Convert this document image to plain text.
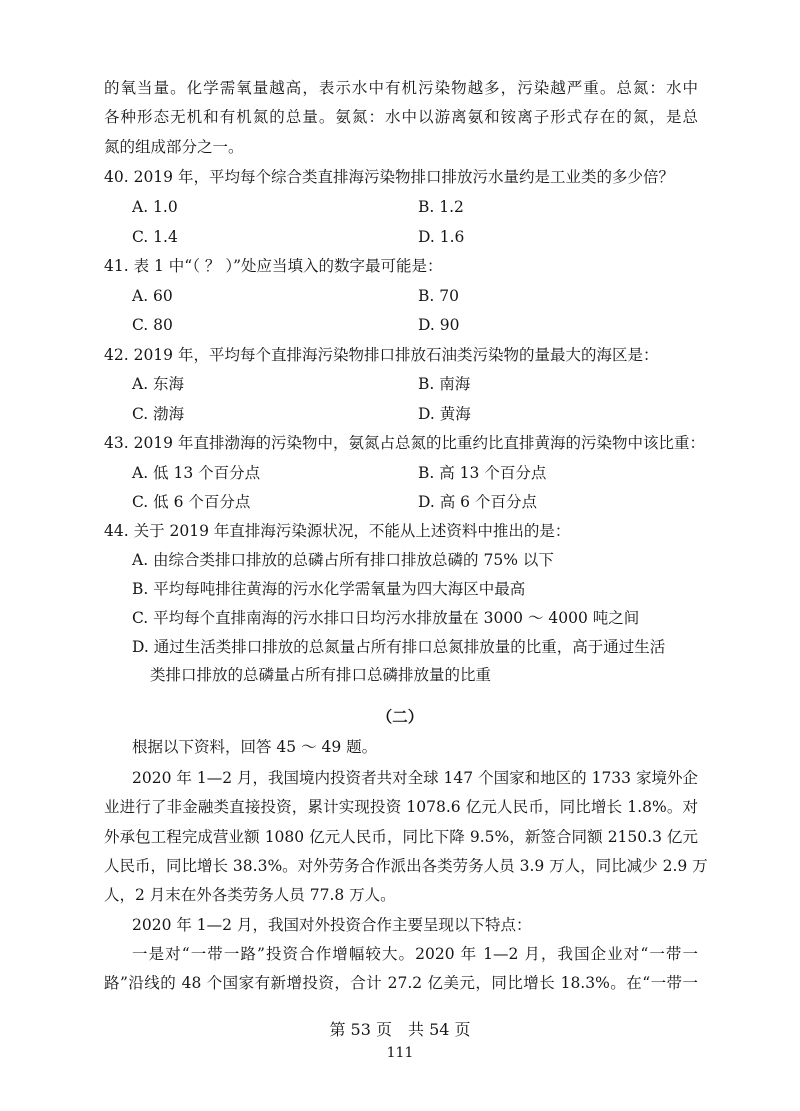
的氧当量。化学需氧量越高，表示水中有机污染物越多，污染越严重。总氮：水中
各种形态无机和有机氮的总量。氨氮：水中以游离氨和铵离子形式存在的氮，是总
氮的组成部分之一。
40. 2019 年，平均每个综合类直排海污染物排口排放污水量约是工业类的多少倍？
A. 1.0	B. 1.2
C. 1.4	D. 1.6
41. 表 1 中“（ ？ ）”处应当填入的数字最可能是：
A. 60	B. 70
C. 80	D. 90
42. 2019 年，平均每个直排海污染物排口排放石油类污染物的量最大的海区是：
A. 东海	B. 南海
C. 渤海	D. 黄海
43. 2019 年直排渤海的污染物中，氨氮占总氮的比重约比直排黄海的污染物中该比重：
A. 低 13 个百分点	B. 高 13 个百分点
C. 低 6 个百分点	D. 高 6 个百分点
44. 关于 2019 年直排海污染源状况，不能从上述资料中推出的是：
A. 由综合类排口排放的总磷占所有排口排放总磷的 75% 以下
B. 平均每吨排往黄海的污水化学需氧量为四大海区中最高
C. 平均每个直排南海的污水排口日均污水排放量在 3000 ～ 4000 吨之间
D. 通过生活类排口排放的总氮量占所有排口总氮排放量的比重，高于通过生活
类排口排放的总磷量占所有排口总磷排放量的比重
（二）
根据以下资料，回答 45 ～ 49 题。
2020 年 1—2 月，我国境内投资者共对全球 147 个国家和地区的 1733 家境外企
业进行了非金融类直接投资，累计实现投资 1078.6 亿元人民币，同比增长 1.8%。对
外承包工程完成营业额 1080 亿元人民币，同比下降 9.5%，新签合同额 2150.3 亿元
人民币，同比增长 38.3%。对外劳务合作派出各类劳务人员 3.9 万人，同比减少 2.9 万
人，2 月末在外各类劳务人员 77.8 万人。
2020 年 1—2 月，我国对外投资合作主要呈现以下特点：
一是对“一带一路”投资合作增幅较大。2020 年 1—2 月，我国企业对“一带一
路”沿线的 48 个国家有新增投资，合计 27.2 亿美元，同比增长 18.3%。在“一带一
第 53 页　共 54 页
111
